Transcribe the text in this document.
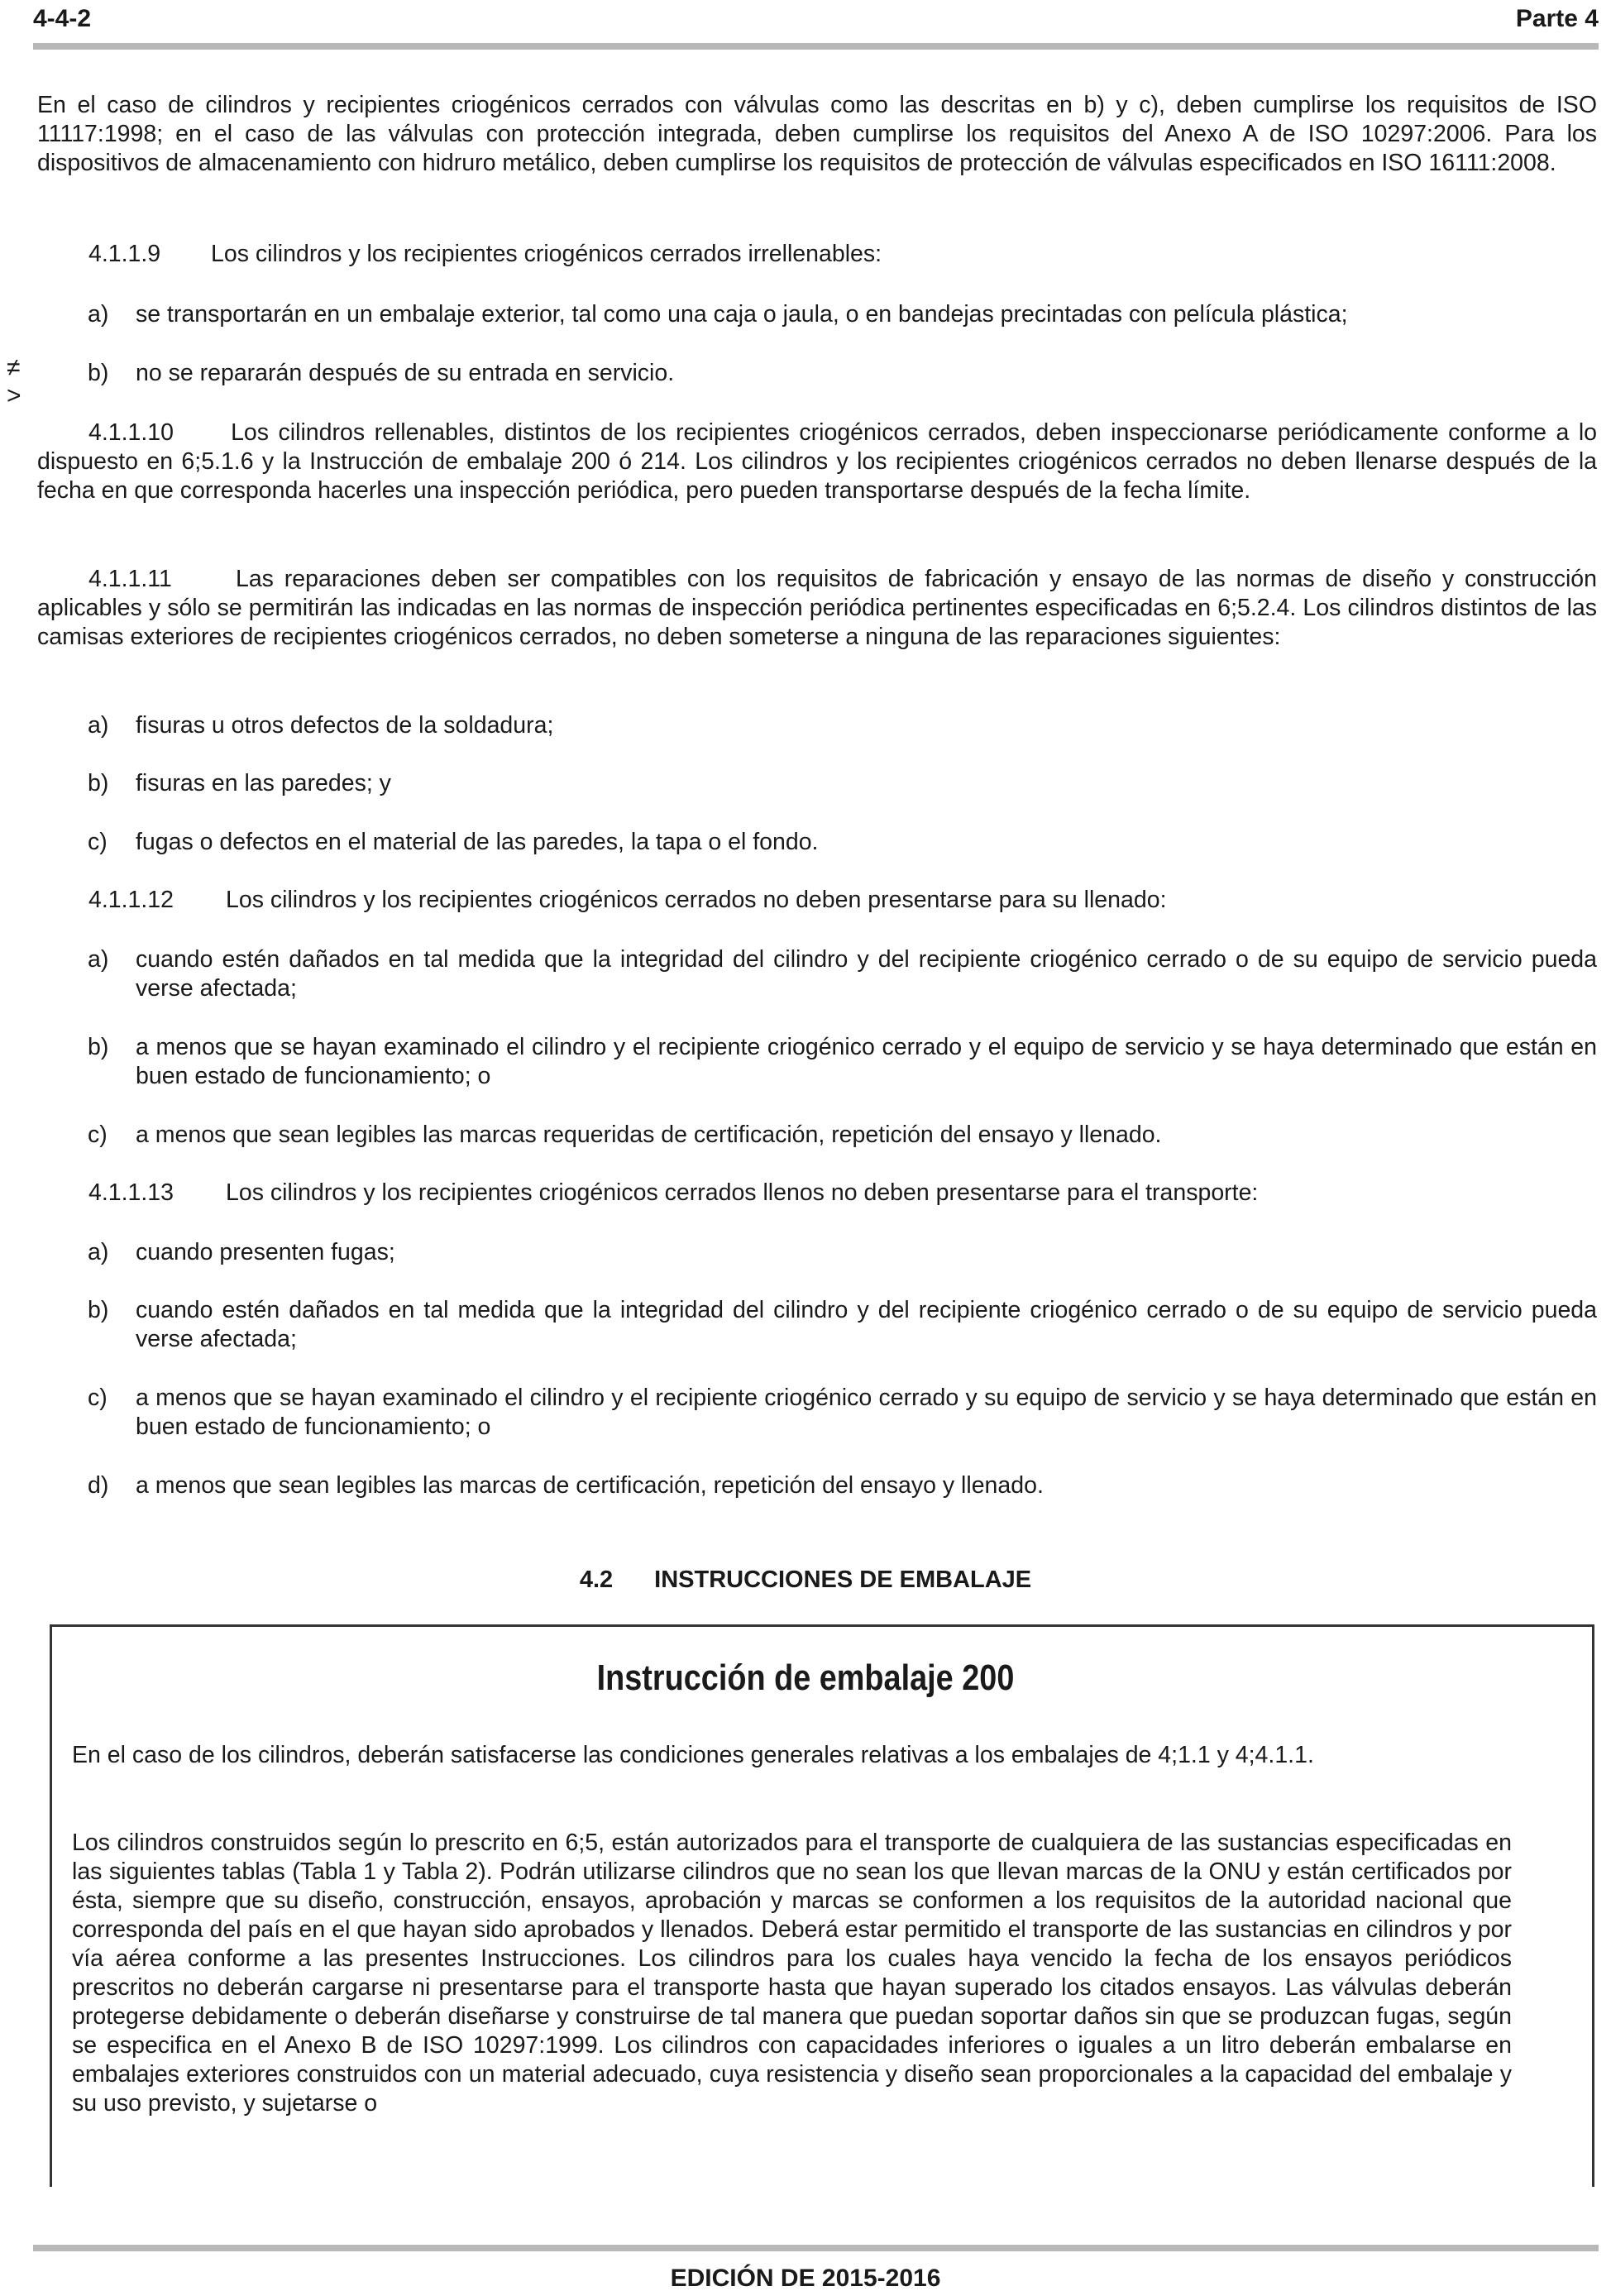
4-4-2	Parte 4
En el caso de cilindros y recipientes criogénicos cerrados con válvulas como las descritas en b) y c), deben cumplirse los requisitos de ISO 11117:1998; en el caso de las válvulas con protección integrada, deben cumplirse los requisitos del Anexo A de ISO 10297:2006. Para los dispositivos de almacenamiento con hidruro metálico, deben cumplirse los requisitos de protección de válvulas especificados en ISO 16111:2008.
4.1.1.9 Los cilindros y los recipientes criogénicos cerrados irrellenables:
a) se transportarán en un embalaje exterior, tal como una caja o jaula, o en bandejas precintadas con película plástica;
≠
>
b) no se repararán después de su entrada en servicio.
4.1.1.10      Los cilindros rellenables, distintos de los recipientes criogénicos cerrados, deben inspeccionarse periódicamente conforme a lo dispuesto en 6;5.1.6 y la Instrucción de embalaje 200 ó 214. Los cilindros y los recipientes criogénicos cerrados no deben llenarse después de la fecha en que corresponda hacerles una inspección periódica, pero pueden transportarse después de la fecha límite.
4.1.1.11      Las reparaciones deben ser compatibles con los requisitos de fabricación y ensayo de las normas de diseño y construcción aplicables y sólo se permitirán las indicadas en las normas de inspección periódica pertinentes especificadas en 6;5.2.4. Los cilindros distintos de las camisas exteriores de recipientes criogénicos cerrados, no deben someterse a ninguna de las reparaciones siguientes:
a) fisuras u otros defectos de la soldadura;
b) fisuras en las paredes; y
c) fugas o defectos en el material de las paredes, la tapa o el fondo.
4.1.1.12 Los cilindros y los recipientes criogénicos cerrados no deben presentarse para su llenado:
a) cuando estén dañados en tal medida que la integridad del cilindro y del recipiente criogénico cerrado o de su equipo de servicio pueda verse afectada;
b) a menos que se hayan examinado el cilindro y el recipiente criogénico cerrado y el equipo de servicio y se haya determinado que están en buen estado de funcionamiento; o
c) a menos que sean legibles las marcas requeridas de certificación, repetición del ensayo y llenado.
4.1.1.13 Los cilindros y los recipientes criogénicos cerrados llenos no deben presentarse para el transporte:
a) cuando presenten fugas;
b) cuando estén dañados en tal medida que la integridad del cilindro y del recipiente criogénico cerrado o de su equipo de servicio pueda verse afectada;
c) a menos que se hayan examinado el cilindro y el recipiente criogénico cerrado y su equipo de servicio y se haya determinado que están en buen estado de funcionamiento; o
d) a menos que sean legibles las marcas de certificación, repetición del ensayo y llenado.
4.2 INSTRUCCIONES DE EMBALAJE
Instrucción de embalaje 200
En el caso de los cilindros, deberán satisfacerse las condiciones generales relativas a los embalajes de 4;1.1 y 4;4.1.1.
Los cilindros construidos según lo prescrito en 6;5, están autorizados para el transporte de cualquiera de las sustancias especificadas en las siguientes tablas (Tabla 1 y Tabla 2). Podrán utilizarse cilindros que no sean los que llevan marcas de la ONU y están certificados por ésta, siempre que su diseño, construcción, ensayos, aprobación y marcas se conformen a los requisitos de la autoridad nacional que corresponda del país en el que hayan sido aprobados y llenados. Deberá estar permitido el transporte de las sustancias en cilindros y por vía aérea conforme a las presentes Instrucciones. Los cilindros para los cuales haya vencido la fecha de los ensayos periódicos prescritos no deberán cargarse ni presentarse para el transporte hasta que hayan superado los citados ensayos. Las válvulas deberán protegerse debidamente o deberán diseñarse y construirse de tal manera que puedan soportar daños sin que se produzcan fugas, según se especifica en el Anexo B de ISO 10297:1999. Los cilindros con capacidades inferiores o iguales a un litro deberán embalarse en embalajes exteriores construidos con un material adecuado, cuya resistencia y diseño sean proporcionales a la capacidad del embalaje y su uso previsto, y sujetarse o
EDICIÓN DE 2015-2016
